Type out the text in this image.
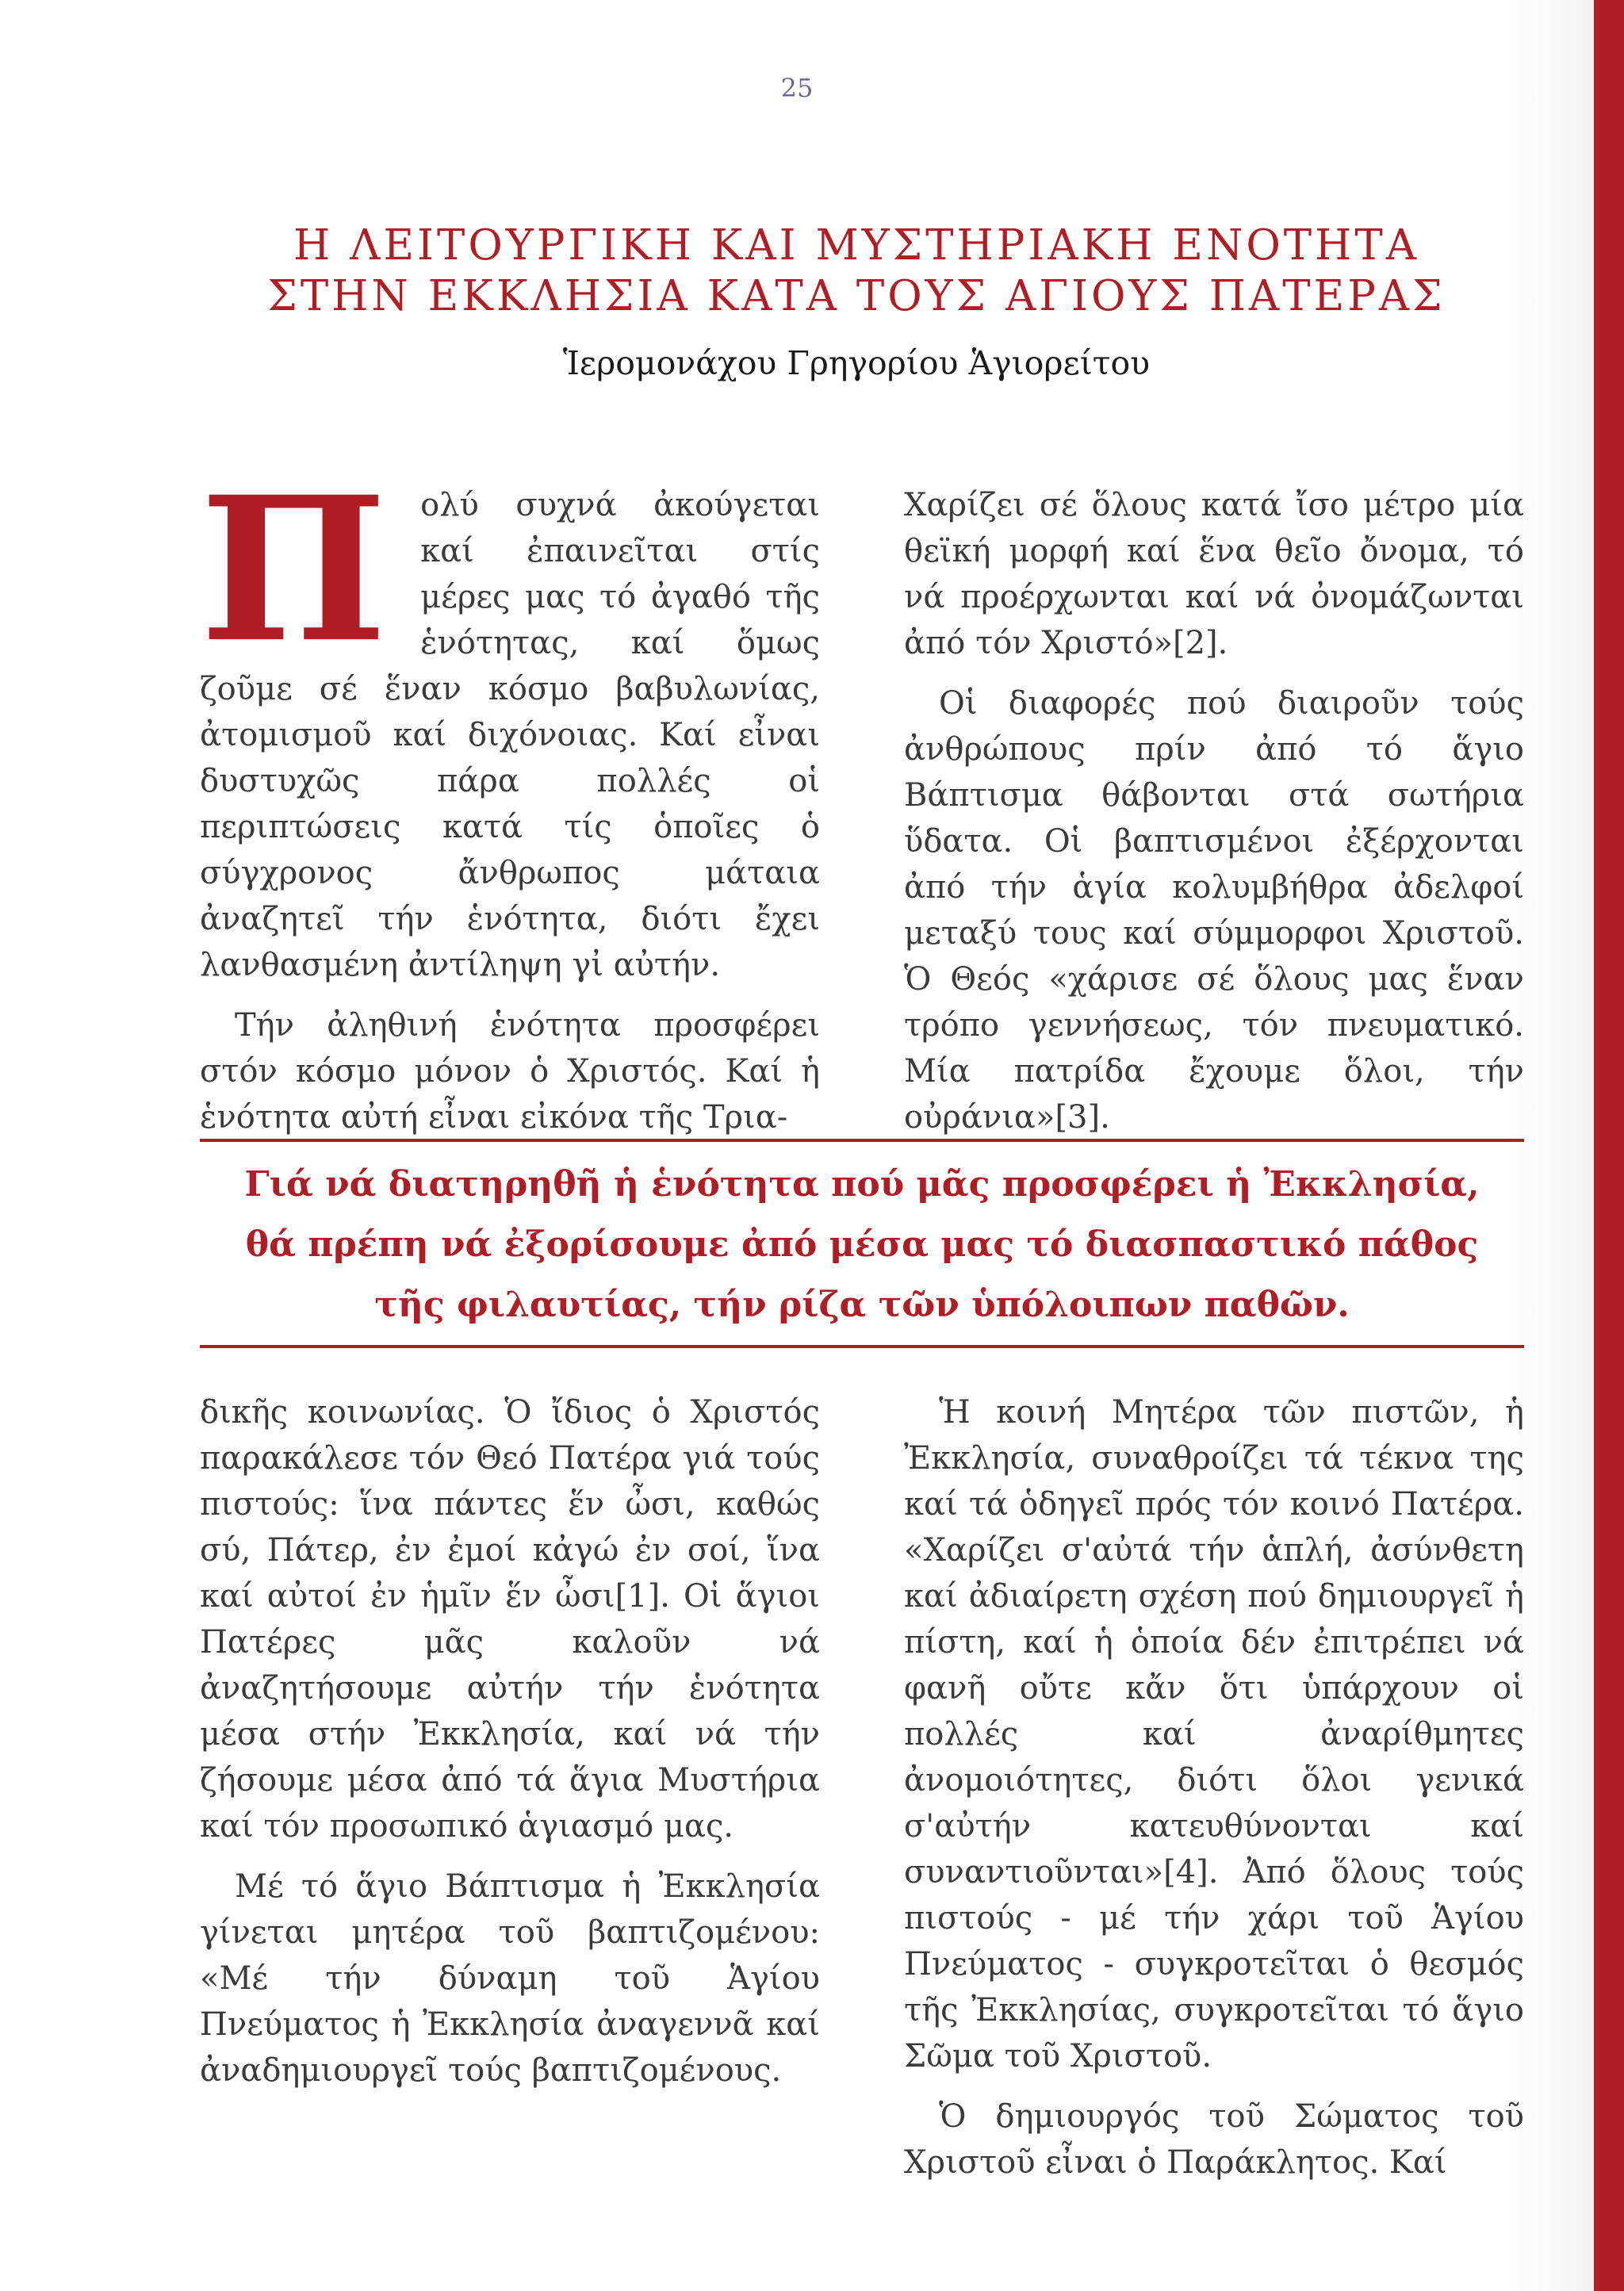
25
Η ΛΕΙΤΟΥΡΓΙΚΗ ΚΑΙ ΜΥΣΤΗΡΙΑΚΗ ΕΝΟΤΗΤΑ
ΣΤΗΝ ΕΚΚΛΗΣΙΑ ΚΑΤΑ ΤΟΥΣ ΑΓΙΟΥΣ ΠΑΤΕΡΑΣ
Ἱερομονάχου Γρηγορίου Ἁγιορείτου

Π ολύ συχνά ἀκούγεται καί ἐπαινεῖται στίς μέρες μας τό ἀγαθό τῆς ἑνότητας, καί ὅμως ζοῦμε σέ ἕναν κόσμο βαβυλωνίας, ἀτομισμοῦ καί διχόνοιας. Καί εἶναι δυστυχῶς πάρα πολλές οἱ περιπτώσεις κατά τίς ὁποῖες ὁ σύγχρονος ἄνθρωπος μάταια ἀναζητεῖ τήν ἑνότητα, διότι ἔχει λανθασμένη ἀντίληψη γἰ αὐτήν.

Τήν ἀληθινή ἑνότητα προσφέρει στόν κόσμο μόνον ὁ Χριστός. Καί ἡ ἑνότητα αὐτή εἶναι εἰκόνα τῆς Τρια-

Χαρίζει σέ ὅλους κατά ἴσο μέτρο μία θεϊκή μορφή καί ἕνα θεῖο ὄνομα, τό νά προέρχωνται καί νά ὀνομάζωνται ἀπό τόν Χριστό»[2].

Οἱ διαφορές πού διαιροῦν τούς ἀνθρώπους πρίν ἀπό τό ἅγιο Βάπτισμα θάβονται στά σωτήρια ὕδατα. Οἱ βαπτισμένοι ἐξέρχονται ἀπό τήν ἁγία κολυμβήθρα ἀδελφοί μεταξύ τους καί σύμμορφοι Χριστοῦ. Ὁ Θεός «χάρισε σέ ὅλους μας ἕναν τρόπο γεννήσεως, τόν πνευματικό. Μία πατρίδα ἔχουμε ὅλοι, τήν οὐράνια»[3].

Γιά νά διατηρηθῆ ἡ ἑνότητα πού μᾶς προσφέρει ἡ Ἐκκλησία,
θά πρέπη νά ἐξορίσουμε ἀπό μέσα μας τό διασπαστικό πάθος
τῆς φιλαυτίας, τήν ρίζα τῶν ὑπόλοιπων παθῶν.

δικῆς κοινωνίας. Ὁ ἴδιος ὁ Χριστός παρακάλεσε τόν Θεό Πατέρα γιά τούς πιστούς: ἵνα πάντες ἕν ὦσι, καθώς σύ, Πάτερ, ἐν ἐμοί κἀγώ ἐν σοί, ἵνα καί αὐτοί ἐν ἡμῖν ἕν ὦσι[1]. Οἱ ἅγιοι Πατέρες μᾶς καλοῦν νά ἀναζητήσουμε αὐτήν τήν ἑνότητα μέσα στήν Ἐκκλησία, καί νά τήν ζήσουμε μέσα ἀπό τά ἅγια Μυστήρια καί τόν προσωπικό ἁγιασμό μας.

Μέ τό ἅγιο Βάπτισμα ἡ Ἐκκλησία γίνεται μητέρα τοῦ βαπτιζομένου: «Μέ τήν δύναμη τοῦ Ἁγίου Πνεύματος ἡ Ἐκκλησία ἀναγεννᾶ καί ἀναδημιουργεῖ τούς βαπτιζομένους.

Ἡ κοινή Μητέρα τῶν πιστῶν, ἡ Ἐκκλησία, συναθροίζει τά τέκνα της καί τά ὁδηγεῖ πρός τόν κοινό Πατέρα. «Χαρίζει σ'αὐτά τήν ἁπλή, ἀσύνθετη καί ἀδιαίρετη σχέση πού δημιουργεῖ ἡ πίστη, καί ἡ ὁποία δέν ἐπιτρέπει νά φανῆ οὔτε κἄν ὅτι ὑπάρχουν οἱ πολλές καί ἀναρίθμητες ἀνομοιότητες, διότι ὅλοι γενικά σ'αὐτήν κατευθύνονται καί συναντιοῦνται»[4]. Ἀπό ὅλους τούς πιστούς - μέ τήν χάρι τοῦ Ἁγίου Πνεύματος - συγκροτεῖται ὁ θεσμός τῆς Ἐκκλησίας, συγκροτεῖται τό ἅγιο Σῶμα τοῦ Χριστοῦ.

Ὁ δημιουργός τοῦ Σώματος τοῦ Χριστοῦ εἶναι ὁ Παράκλητος. Καί
